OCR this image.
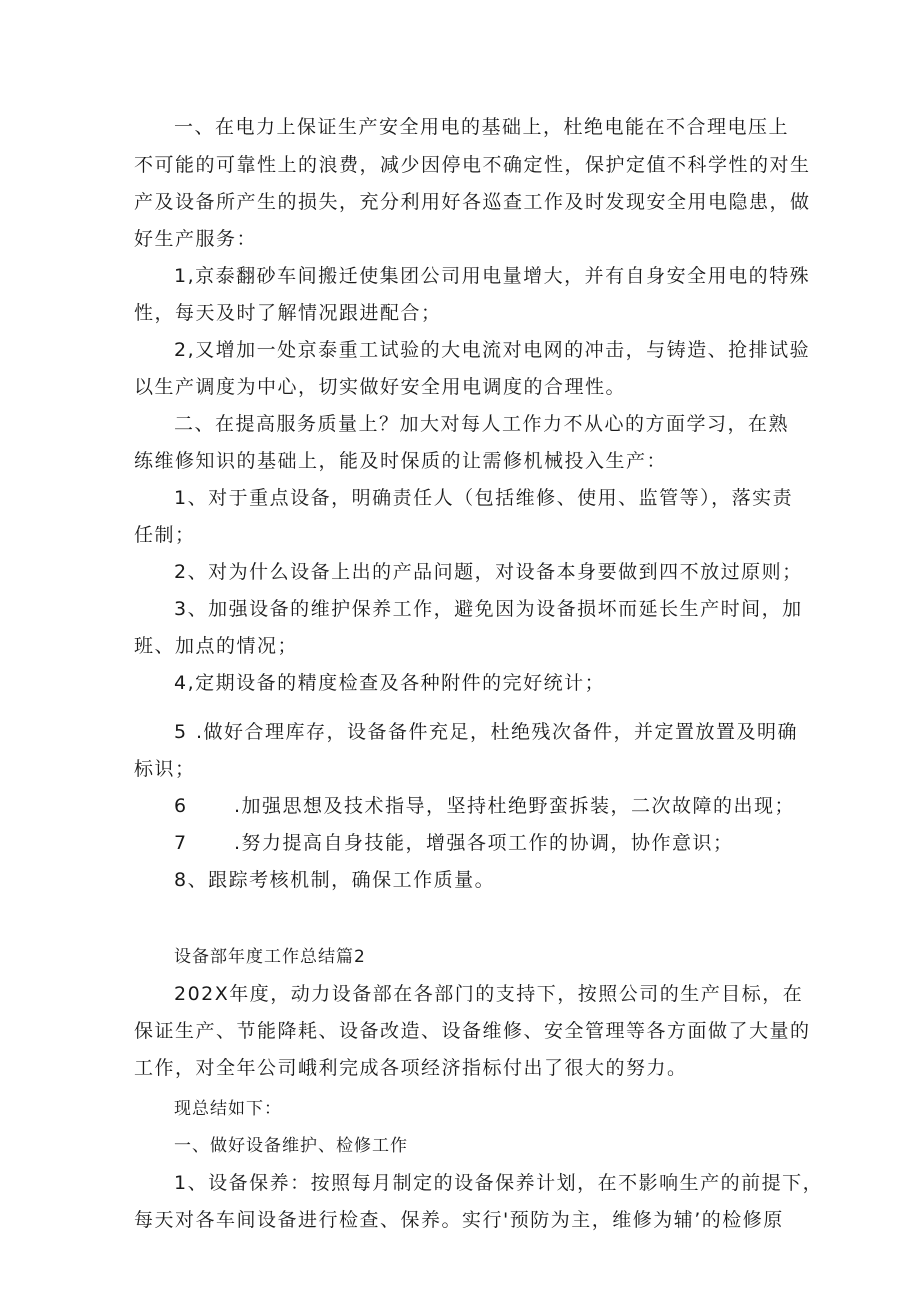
一、在电力上保证生产安全用电的基础上，杜绝电能在不合理电压上
不可能的可靠性上的浪费，减少因停电不确定性，保护定值不科学性的对生
产及设备所产生的损失，充分利用好各巡查工作及时发现安全用电隐患，做
好生产服务：
1,京泰翻砂车间搬迁使集团公司用电量增大，并有自身安全用电的特殊
性，每天及时了解情况跟进配合；
2,又增加一处京泰重工试验的大电流对电网的冲击，与铸造、抢排试验
以生产调度为中心，切实做好安全用电调度的合理性。
二、在提高服务质量上？加大对每人工作力不从心的方面学习，在熟
练维修知识的基础上，能及时保质的让需修机械投入生产：
1、对于重点设备，明确责任人（包括维修、使用、监管等），落实责
任制；
2、对为什么设备上出的产品问题，对设备本身要做到四不放过原则；
3、加强设备的维护保养工作，避免因为设备损坏而延长生产时间，加
班、加点的情况；
4,定期设备的精度检查及各种附件的完好统计；
5 .做好合理库存，设备备件充足，杜绝残次备件，并定置放置及明确
标识；
6	.加强思想及技术指导，坚持杜绝野蛮拆装，二次故障的出现；
7	.努力提高自身技能，增强各项工作的协调，协作意识；
8、跟踪考核机制，确保工作质量。
设备部年度工作总结篇2
202X年度，动力设备部在各部门的支持下，按照公司的生产目标，在
保证生产、节能降耗、设备改造、设备维修、安全管理等各方面做了大量的
工作，对全年公司峨利完成各项经济指标付出了很大的努力。
现总结如下：
一、做好设备维护、检修工作
1、设备保养：按照每月制定的设备保养计划，在不影响生产的前提下，
每天对各车间设备进行检查、保养。实行'预防为主，维修为辅’的检修原
